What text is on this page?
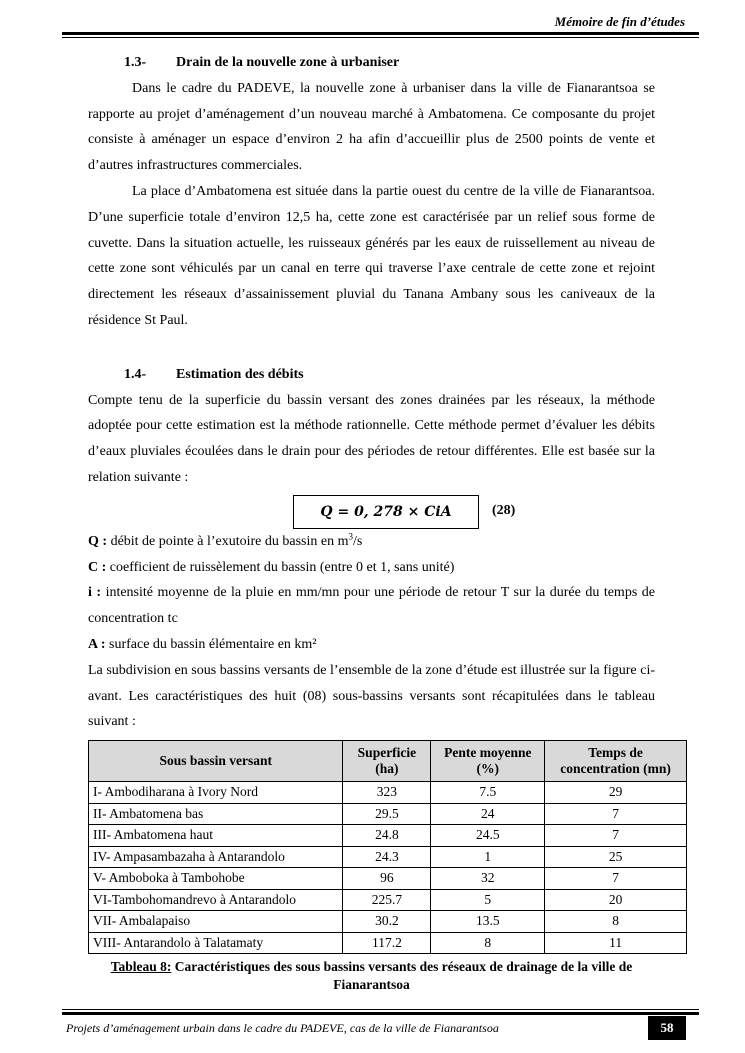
Mémoire de fin d’études
1.3-	Drain de la nouvelle zone à urbaniser

Dans le cadre du PADEVE, la nouvelle zone à urbaniser dans la ville de Fianarantsoa se rapporte au projet d’aménagement d’un nouveau marché à Ambatomena. Ce composante du projet consiste à aménager un espace d’environ 2 ha afin d’accueillir plus de 2500 points de vente et d’autres infrastructures commerciales.

La place d’Ambatomena est située dans la partie ouest du centre de la ville de Fianarantsoa. D’une superficie totale d’environ 12,5 ha, cette zone est caractérisée par un relief sous forme de cuvette. Dans la situation actuelle, les ruisseaux générés par les eaux de ruissellement au niveau de cette zone sont véhiculés par un canal en terre qui traverse l’axe centrale de cette zone et rejoint directement les réseaux d’assainissement pluvial du Tanana Ambany sous les caniveaux de la résidence St Paul.

1.4-	Estimation des débits

Compte tenu de la superficie du bassin versant des zones drainées par les réseaux, la méthode adoptée pour cette estimation est la méthode rationnelle. Cette méthode permet d’évaluer les débits d’eaux pluviales écoulées dans le drain pour des périodes de retour différentes. Elle est basée sur la relation suivante :

Q = 0, 278 × CiA	(28)

Q : débit de pointe à l’exutoire du bassin en $m^3/s$

C : coefficient de ruissèlement du bassin (entre 0 et 1, sans unité)

i : intensité moyenne de la pluie en mm/mn pour une période de retour T sur la durée du temps de concentration tc

A : surface du bassin élémentaire en km²

La subdivision en sous bassins versants de l’ensemble de la zone d’étude est illustrée sur la figure ci-avant. Les caractéristiques des huit (08) sous-bassins versants sont récapitulées dans le tableau suivant :

Sous bassin versant	Superficie (ha)	Pente moyenne (%)	Temps de concentration (mn)
I- Ambodiharana à Ivory Nord	323	7.5	29
II- Ambatomena bas	29.5	24	7
III- Ambatomena haut	24.8	24.5	7
IV- Ampasambazaha à Antarandolo	24.3	1	25
V- Amboboka à Tambohobe	96	32	7
VI-Tambohomandrevo à Antarandolo	225.7	5	20
VII- Ambalapaiso	30.2	13.5	8
VIII- Antarandolo à Talatamaty	117.2	8	11
Tableau 8: Caractéristiques des sous bassins versants des réseaux de drainage de la ville de Fianarantsoa
Projets d’aménagement urbain dans le cadre du PADEVE, cas de la ville de Fianarantsoa	58
